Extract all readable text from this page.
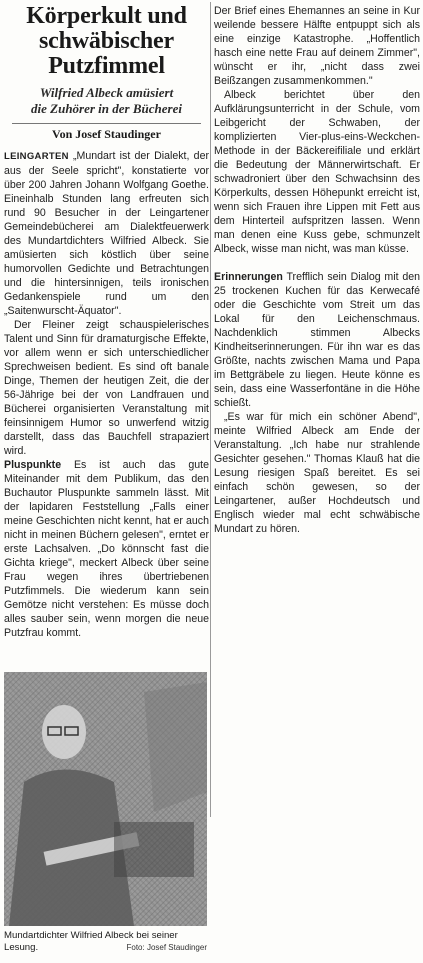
Körperkult und
schwäbischer
Putzfimmel
Wilfried Albeck amüsiert
die Zuhörer in der Bücherei
Von Josef Staudinger

LEINGARTEN „Mundart ist der Dialekt, der aus der Seele spricht", konstatierte vor über 200 Jahren Johann Wolfgang Goethe. Eineinhalb Stunden lang erfreuten sich rund 90 Besucher in der Leingartener Gemeindebücherei am Dialektfeuerwerk des Mundartdichters Wilfried Albeck. Sie amüsierten sich köstlich über seine humorvollen Gedichte und Betrachtungen und die hintersinnigen, teils ironischen Gedankenspiele rund um den „Saitenwurscht-Äquator".

Der Fleiner zeigt schauspielerisches Talent und Sinn für dramaturgische Effekte, vor allem wenn er sich unterschiedlicher Sprechweisen bedient. Es sind oft banale Dinge, Themen der heutigen Zeit, die der 56-Jährige bei der von Landfrauen und Bücherei organisierten Veranstaltung mit feinsinnigem Humor so unwerfend witzig darstellt, dass das Bauchfell strapaziert wird.

Pluspunkte Es ist auch das gute Miteinander mit dem Publikum, das den Buchautor Pluspunkte sammeln lässt. Mit der lapidaren Feststellung „Falls einer meine Geschichten nicht kennt, hat er auch nicht in meinen Büchern gelesen", erntet er erste Lachsalven. „Do könnscht fast die Gichta kriege", meckert Albeck über seine Frau wegen ihres übertriebenen Putzfimmels. Die wiederum kann sein Gemötze nicht verstehen: Es müsse doch alles sauber sein, wenn morgen die neue Putzfrau kommt.

Der Brief eines Ehemannes an seine in Kur weilende bessere Hälfte entpuppt sich als eine einzige Katastrophe. „Hoffentlich hasch eine nette Frau auf deinem Zimmer", wünscht er ihr, „nicht dass zwei Beißzangen zusammenkommen."

Albeck berichtet über den Aufklärungsunterricht in der Schule, vom Leibgericht der Schwaben, der komplizierten Vier-plus-eins-Weckchen-Methode in der Bäckereifiliale und erklärt die Bedeutung der Männerwirtschaft. Er schwadroniert über den Schwachsinn des Körperkults, dessen Höhepunkt erreicht ist, wenn sich Frauen ihre Lippen mit Fett aus dem Hinterteil aufspritzen lassen. Wenn man denen eine Kuss gebe, schmunzelt Albeck, wisse man nicht, was man küsse.

Erinnerungen Trefflich sein Dialog mit den 25 trockenen Kuchen für das Kerwecafé oder die Geschichte vom Streit um das Lokal für den Leichenschmaus. Nachdenklich stimmen Albecks Kindheitserinnerungen. Für ihn war es das Größte, nachts zwischen Mama und Papa im Bettgräbele zu liegen. Heute könne es sein, dass eine Wasserfontäne in die Höhe schießt.

„Es war für mich ein schöner Abend", meinte Wilfried Albeck am Ende der Veranstaltung. „Ich habe nur strahlende Gesichter gesehen." Thomas Klauß hat die Lesung riesigen Spaß bereitet. Es sei einfach schön gewesen, so der Leingartener, außer Hochdeutsch und Englisch wieder mal echt schwäbische Mundart zu hören.

Mundartdichter Wilfried Albeck bei seiner Lesung.	Foto: Josef Staudinger
